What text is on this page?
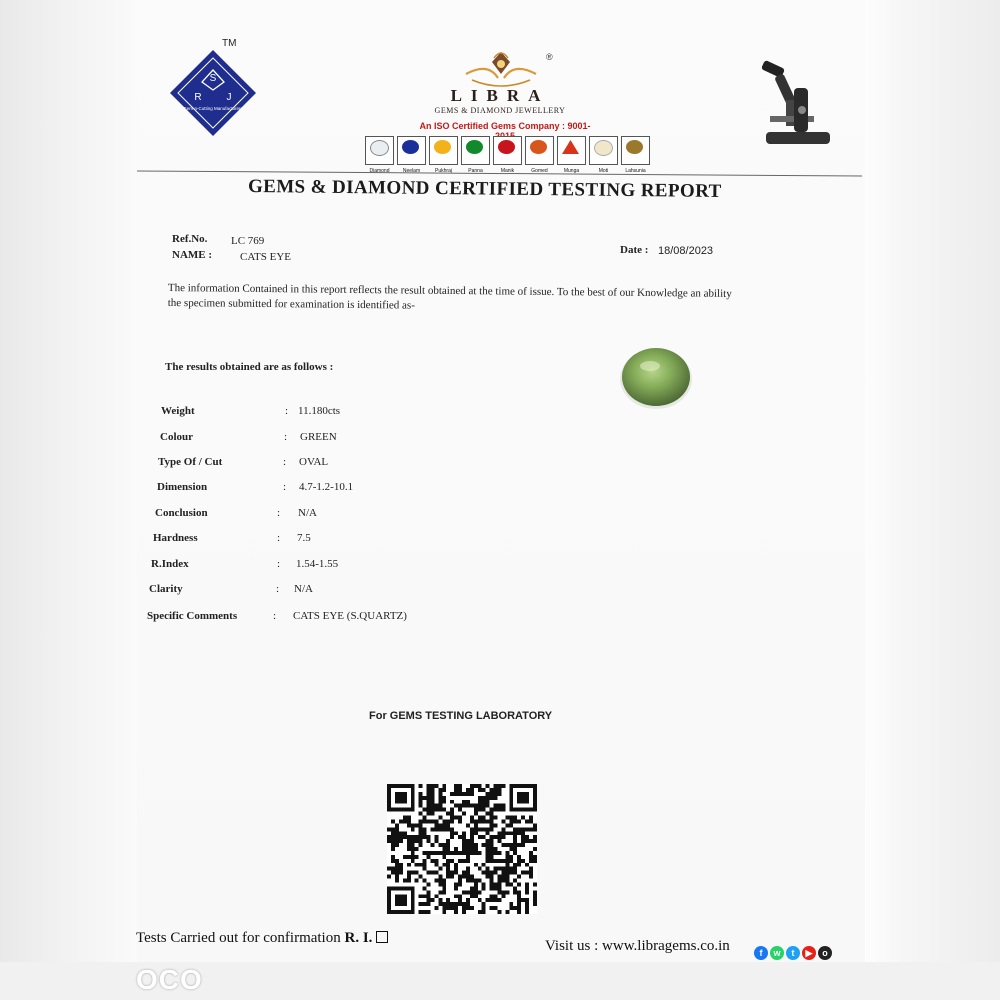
S
R J
Gem-n-Cutting Manufacturers
TM
®
LIBRA
GEMS & DIAMOND JEWELLERY
An ISO Certified Gems Company : 9001-
Diamond	Neelam	Pukhraj	Panna	Manik	Gomed	Munga	Moti	Lahsunia
GEMS & DIAMOND CERTIFIED TESTING REPORT
Ref.No. LC 769
NAME :	CATS EYE
Date : 18/08/2023
The information Contained in this report reflects the result obtained at the time of issue. To the best of our Knowledge an ability the specimen submitted for examination is identified as-
The results obtained are as follows :
Weight	: 11.180cts
Colour	: GREEN
Type Of / Cut	: OVAL
Dimension	: 4.7-1.2-10.1
Conclusion	: N/A
Hardness	: 7.5
R.Index	: 1.54-1.55
Clarity	: N/A
Specific Comments	: CATS EYE (S.QUARTZ)
For GEMS TESTING LABORATORY
Tests Carried out for confirmation R. I.	Visit us : www.libragems.co.in	f	w	t	▶	o
OCO
